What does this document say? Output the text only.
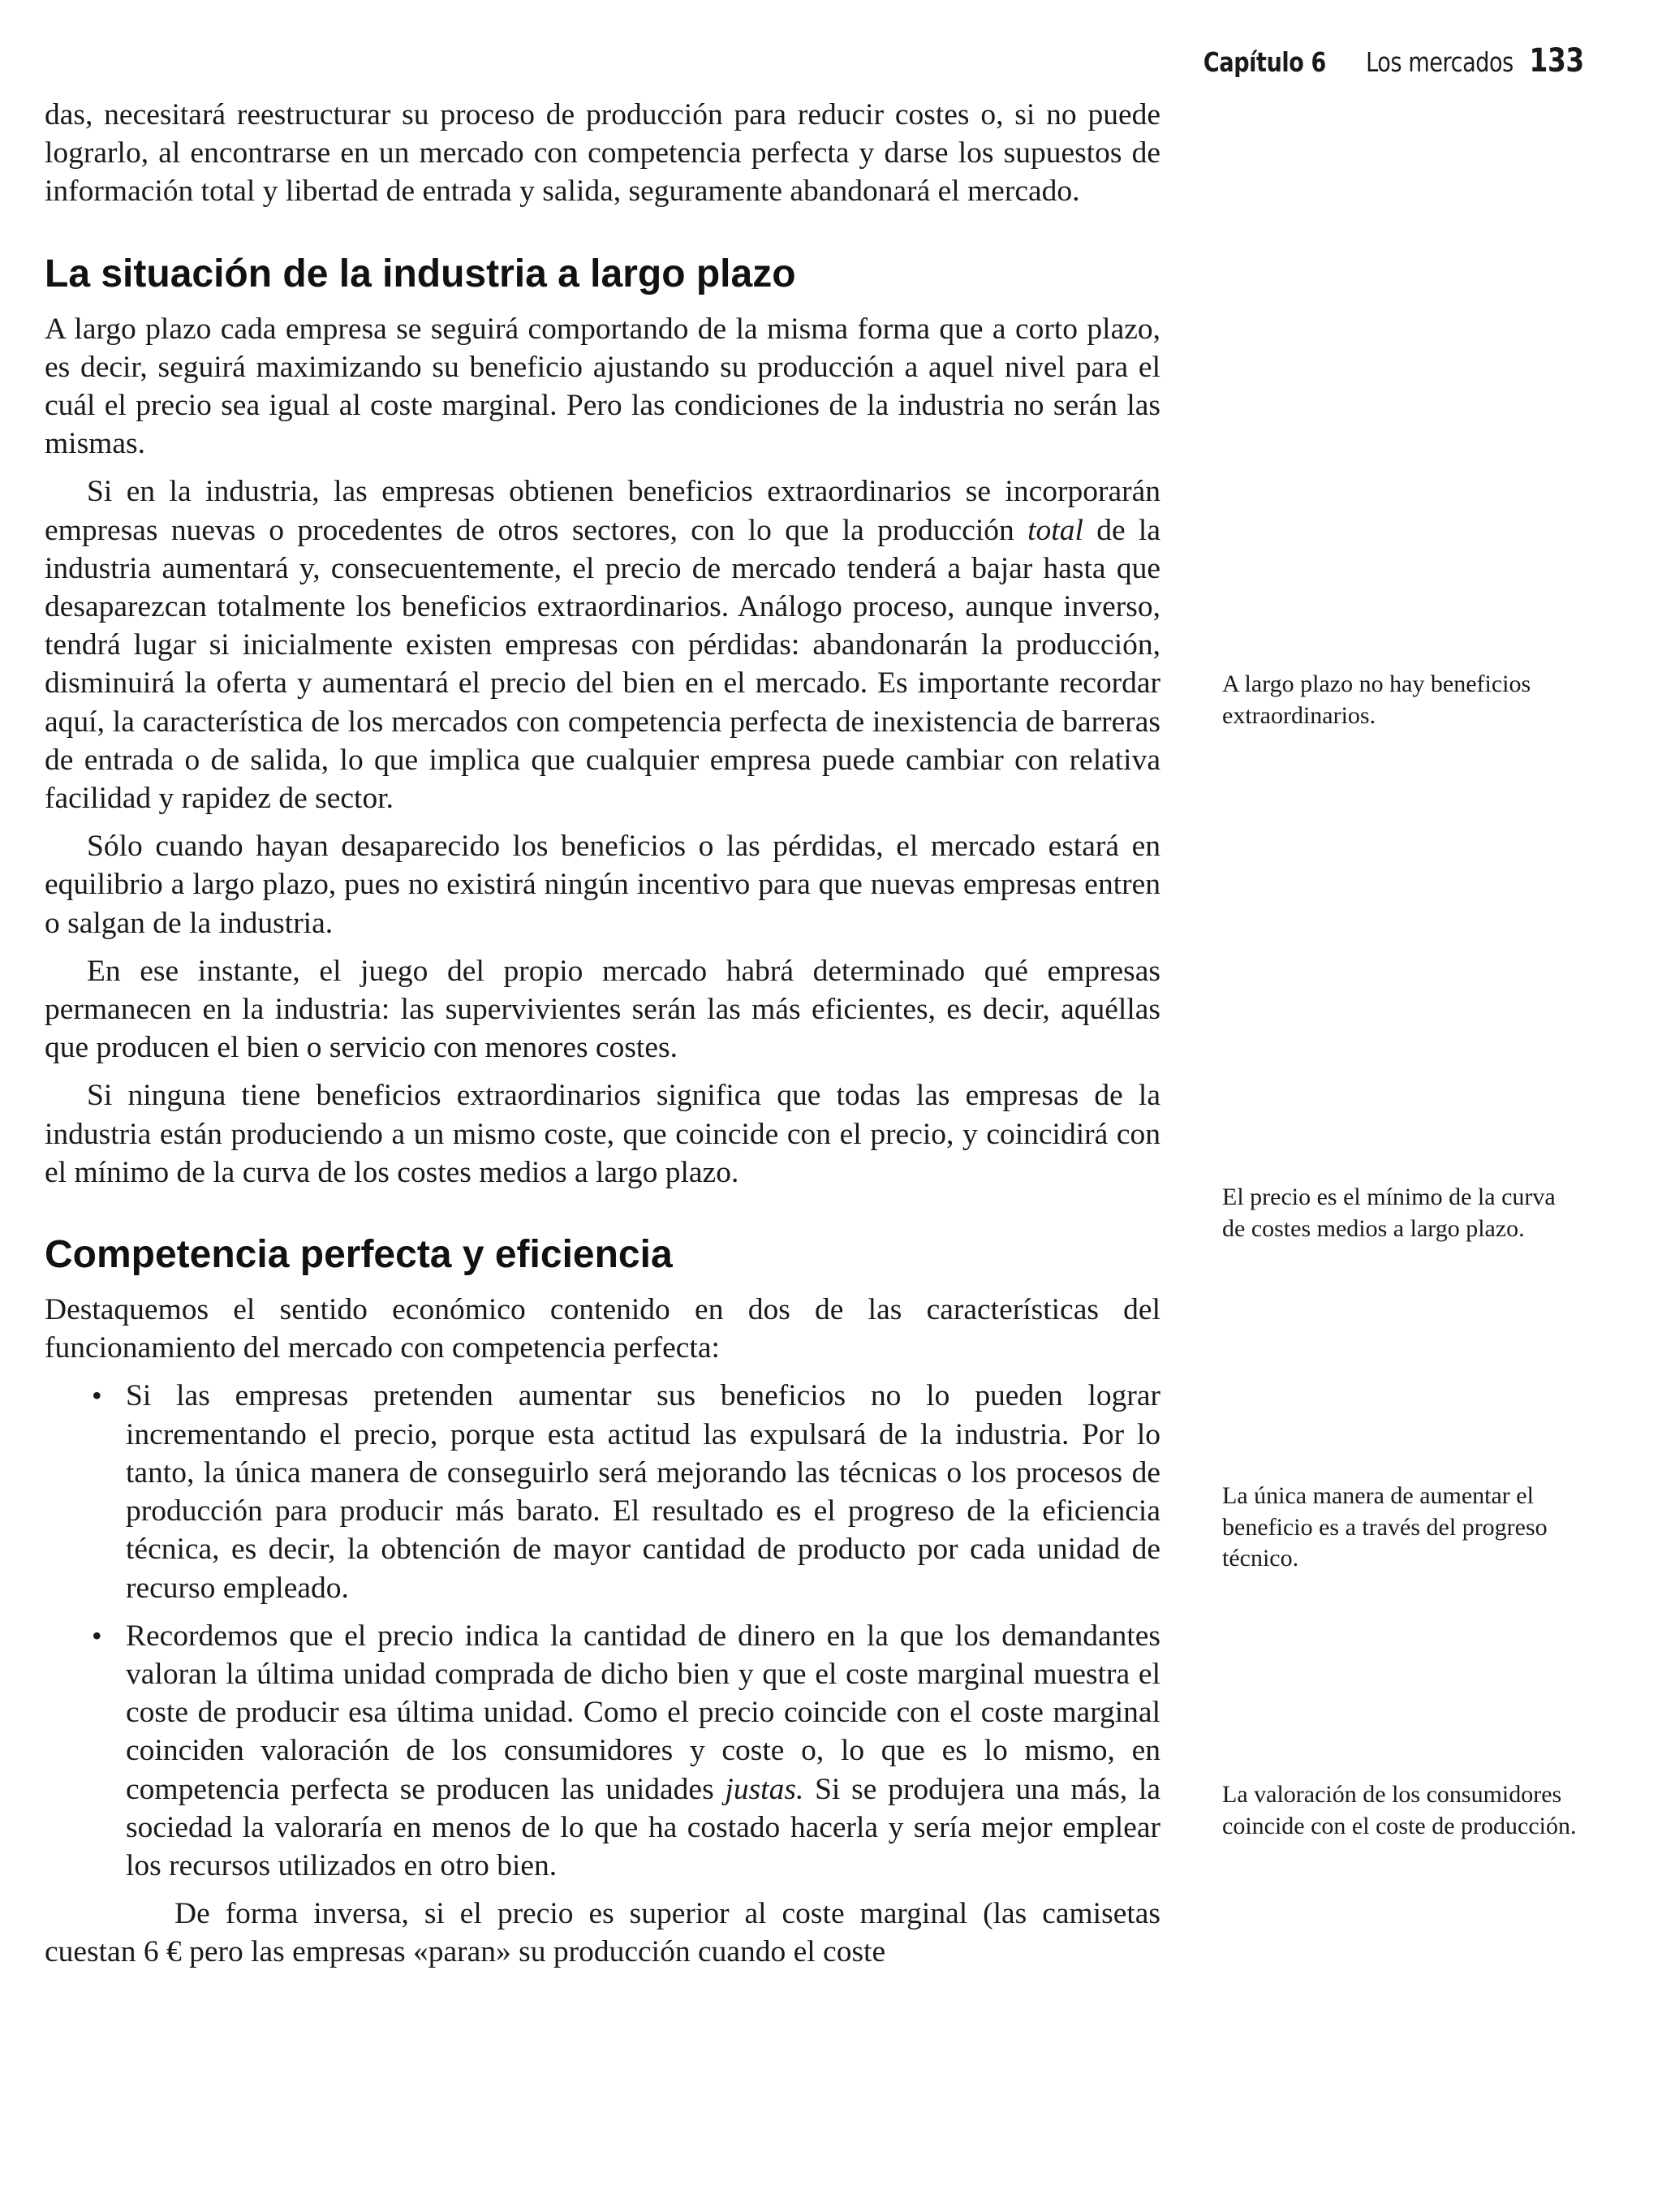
Capítulo 6 Los mercados 133

das, necesitará reestructurar su proceso de producción para reducir costes o, si no puede lograrlo, al encontrarse en un mercado con competencia perfecta y darse los supuestos de información total y libertad de entrada y salida, seguramente abandonará el mercado.

La situación de la industria a largo plazo

A largo plazo cada empresa se seguirá comportando de la misma forma que a corto plazo, es decir, seguirá maximizando su beneficio ajustando su producción a aquel nivel para el cuál el precio sea igual al coste marginal. Pero las condiciones de la industria no serán las mismas.

Si en la industria, las empresas obtienen beneficios extraordinarios se incorporarán empresas nuevas o procedentes de otros sectores, con lo que la producción total de la industria aumentará y, consecuentemente, el precio de mercado tenderá a bajar hasta que desaparezcan totalmente los beneficios extraordinarios. Análogo proceso, aunque inverso, tendrá lugar si inicialmente existen empresas con pérdidas: abandonarán la producción, disminuirá la oferta y aumentará el precio del bien en el mercado. Es importante recordar aquí, la característica de los mercados con competencia perfecta de inexistencia de barreras de entrada o de salida, lo que implica que cualquier empresa puede cambiar con relativa facilidad y rapidez de sector.

Sólo cuando hayan desaparecido los beneficios o las pérdidas, el mercado estará en equilibrio a largo plazo, pues no existirá ningún incentivo para que nuevas empresas entren o salgan de la industria.

En ese instante, el juego del propio mercado habrá determinado qué empresas permanecen en la industria: las supervivientes serán las más eficientes, es decir, aquéllas que producen el bien o servicio con menores costes.

Si ninguna tiene beneficios extraordinarios significa que todas las empresas de la industria están produciendo a un mismo coste, que coincide con el precio, y coincidirá con el mínimo de la curva de los costes medios a largo plazo.

Competencia perfecta y eficiencia

Destaquemos el sentido económico contenido en dos de las características del funcionamiento del mercado con competencia perfecta:

• Si las empresas pretenden aumentar sus beneficios no lo pueden lograr incrementando el precio, porque esta actitud las expulsará de la industria. Por lo tanto, la única manera de conseguirlo será mejorando las técnicas o los procesos de producción para producir más barato. El resultado es el progreso de la eficiencia técnica, es decir, la obtención de mayor cantidad de producto por cada unidad de recurso empleado.
• Recordemos que el precio indica la cantidad de dinero en la que los demandantes valoran la última unidad comprada de dicho bien y que el coste marginal muestra el coste de producir esa última unidad. Como el precio coincide con el coste marginal coinciden valoración de los consumidores y coste o, lo que es lo mismo, en competencia perfecta se producen las unidades justas. Si se produjera una más, la sociedad la valoraría en menos de lo que ha costado hacerla y sería mejor emplear los recursos utilizados en otro bien.

De forma inversa, si el precio es superior al coste marginal (las camisetas cuestan 6 € pero las empresas «paran» su producción cuando el coste

A largo plazo no hay beneficios extraordinarios.
El precio es el mínimo de la curva de costes medios a largo plazo.
La única manera de aumentar el beneficio es a través del progreso técnico.
La valoración de los consumidores coincide con el coste de producción.
